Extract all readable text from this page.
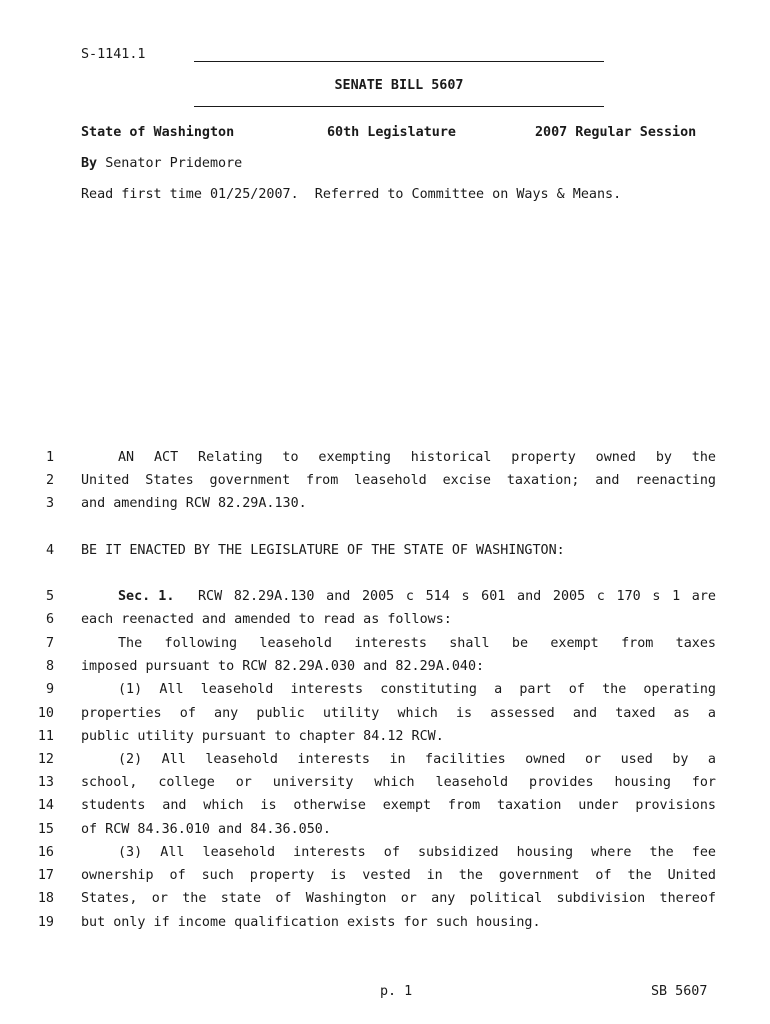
S-1141.1
SENATE BILL 5607
State of Washington	60th Legislature	2007 Regular Session
By Senator Pridemore
Read first time 01/25/2007.  Referred to Committee on Ways & Means.
1	AN ACT Relating to exempting historical property owned by the
2 United States government from leasehold excise taxation; and reenacting
3 and amending RCW 82.29A.130.
4 BE IT ENACTED BY THE LEGISLATURE OF THE STATE OF WASHINGTON:
5	Sec. 1. RCW 82.29A.130 and 2005 c 514 s 601 and 2005 c 170 s 1 are
6 each reenacted and amended to read as follows:
7	The following leasehold interests shall be exempt from taxes
8 imposed pursuant to RCW 82.29A.030 and 82.29A.040:
9	(1) All leasehold interests constituting a part of the operating
10 properties of any public utility which is assessed and taxed as a
11 public utility pursuant to chapter 84.12 RCW.
12	(2) All leasehold interests in facilities owned or used by a
13 school, college or university which leasehold provides housing for
14 students and which is otherwise exempt from taxation under provisions
15 of RCW 84.36.010 and 84.36.050.
16	(3) All leasehold interests of subsidized housing where the fee
17 ownership of such property is vested in the government of the United
18 States, or the state of Washington or any political subdivision thereof
19 but only if income qualification exists for such housing.
p. 1	SB 5607
